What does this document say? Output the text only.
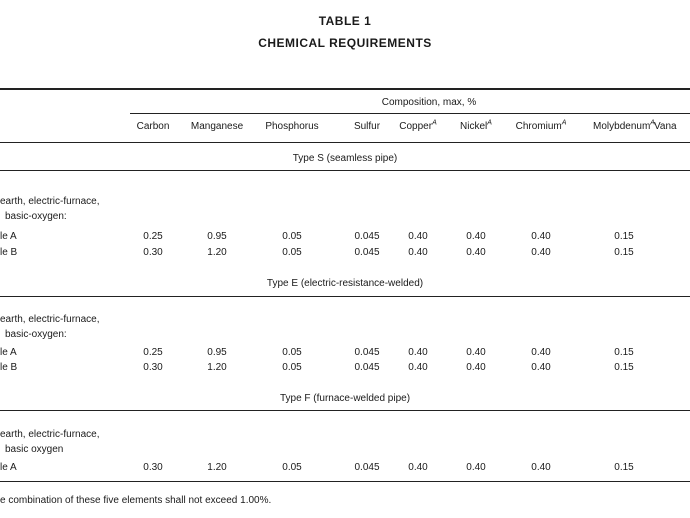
TABLE 1
CHEMICAL REQUIREMENTS
Composition, max, %
Carbon Manganese Phosphorus	Sulfur Copper$^A$ Nickel$^A$ Chromium$^A$	Molybdenum$^A$ Vana
Type S (seamless pipe)
earth, electric-furnace,
basic-oxygen:
le A	0.25	0.95	0.05	0.045	0.40	0.40	0.40	0.15
le B	0.30	1.20	0.05	0.045	0.40	0.40	0.40	0.15
Type E (electric-resistance-welded)
earth, electric-furnace,
basic-oxygen:
le A	0.25	0.95	0.05	0.045	0.40	0.40	0.40	0.15
le B	0.30	1.20	0.05	0.045	0.40	0.40	0.40	0.15
Type F (furnace-welded pipe)
earth, electric-furnace,
basic oxygen
le A	0.30	1.20	0.05	0.045	0.40	0.40	0.40	0.15
e combination of these five elements shall not exceed 1.00%.
